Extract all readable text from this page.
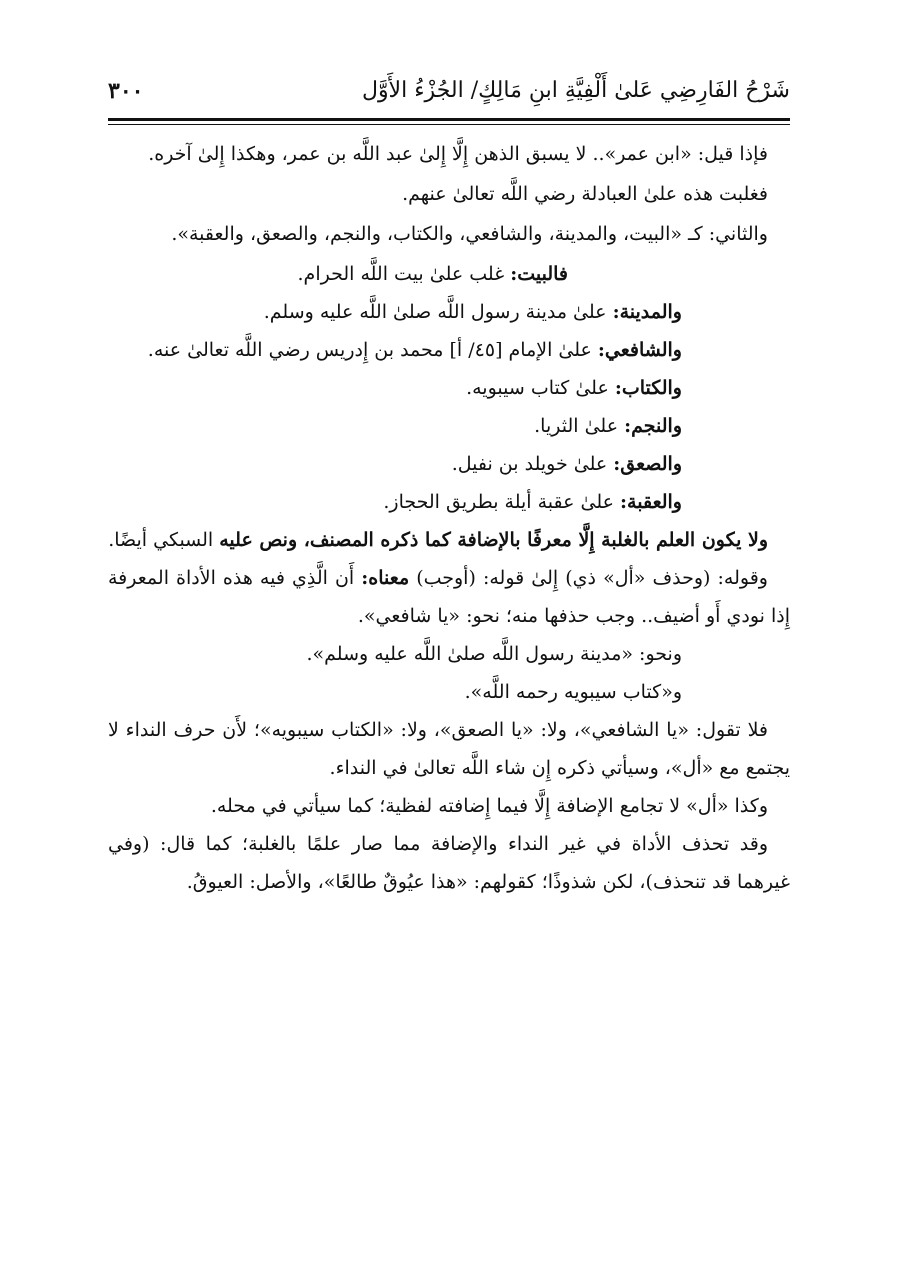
شَرْحُ الفَارِضِي عَلىٰ أَلْفِيَّةِ ابنِ مَالِكٍ/ الجُزْءُ الأَوَّل
٣٠٠

فإذا قيل: «ابن عمر».. لا يسبق الذهن إِلَّا إِلىٰ عبد اللَّه بن عمر، وهكذا إِلىٰ آخره.

فغلبت هذه علىٰ العبادلة رضي اللَّه تعالىٰ عنهم.

والثاني: كـ «البيت، والمدينة، والشافعي، والكتاب، والنجم، والصعق، والعقبة».

فالبيت: غلب علىٰ بيت اللَّه الحرام.

والمدينة: علىٰ مدينة رسول اللَّه صلىٰ اللَّه عليه وسلم.

والشافعي: علىٰ الإمام [٤٥/ أ] محمد بن إِدريس رضي اللَّه تعالىٰ عنه.

والكتاب: علىٰ كتاب سيبويه.

والنجم: علىٰ الثريا.

والصعق: علىٰ خويلد بن نفيل.

والعقبة: علىٰ عقبة أيلة بطريق الحجاز.

ولا يكون العلم بالغلبة إِلَّا معرفًا بالإضافة كما ذكره المصنف، ونص عليه السبكي أيضًا.

وقوله: (وحذف «أل» ذي) إِلىٰ قوله: (أوجب) معناه: أَن الَّذِي فيه هذه الأداة المعرفة إِذا نودي أَو أضيف.. وجب حذفها منه؛ نحو: «يا شافعي».

ونحو: «مدينة رسول اللَّه صلىٰ اللَّه عليه وسلم».

و«كتاب سيبويه رحمه اللَّه».

فلا تقول: «يا الشافعي»، ولا: «يا الصعق»، ولا: «الكتاب سيبويه»؛ لأَن حرف النداء لا يجتمع مع «أل»، وسيأتي ذكره إِن شاء اللَّه تعالىٰ في النداء.

وكذا «أل» لا تجامع الإضافة إِلَّا فيما إِضافته لفظية؛ كما سيأتي في محله.

وقد تحذف الأداة في غير النداء والإضافة مما صار علمًا بالغلبة؛ كما قال: (وفي غيرهما قد تنحذف)، لكن شذوذًا؛ كقولهم: «هذا عيُوقٌ طالعًا»، والأصل: العيوقُ.
